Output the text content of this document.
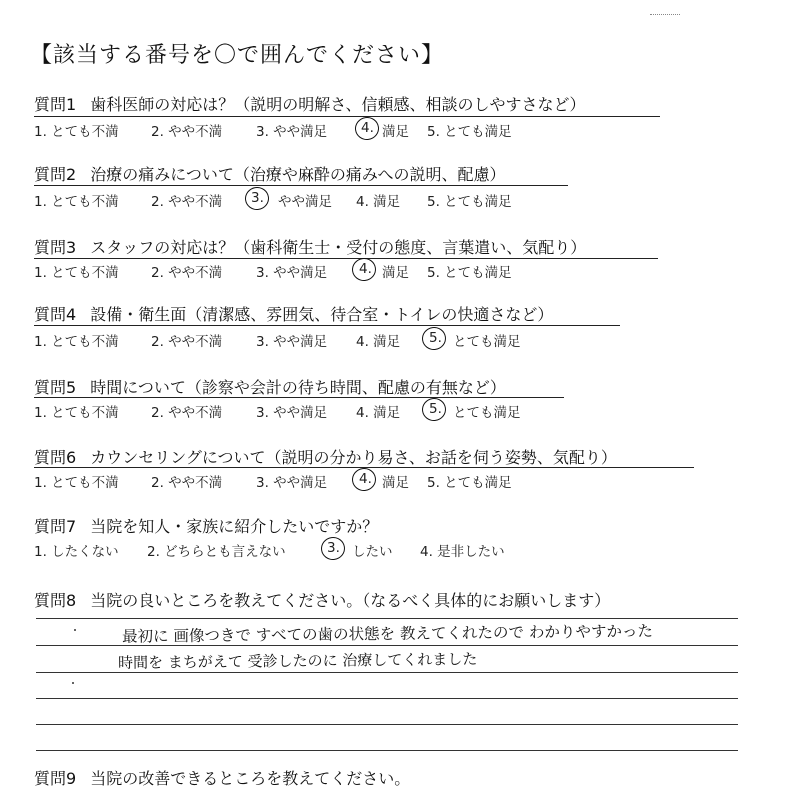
【該当する番号を〇で囲んでください】
質問1 歯科医師の対応は？（説明の明解さ、信頼感、相談のしやすさなど）
1. とても不満 2. やや不満	3. やや満足	4. 満足 5. とても満足
質問2 治療の痛みについて（治療や麻酔の痛みへの説明、配慮）
1. とても不満 2. やや不満 3. やや満足 4. 満足 5. とても満足
質問3 スタッフの対応は？（歯科衛生士・受付の態度、言葉遣い、気配り）
1. とても不満 2. やや不満	3. やや満足 4. 満足 5. とても満足
質問4 設備・衛生面（清潔感、雰囲気、待合室・トイレの快適さなど）
1. とても不満 2. やや不満	3. やや満足 4. 満足 5. とても満足
質問5 時間について（診察や会計の待ち時間、配慮の有無など）
1. とても不満 2. やや不満	3. やや満足 4. 満足 5. とても満足
質問6 カウンセリングについて（説明の分かり易さ、お話を伺う姿勢、気配り）
1. とても不満 2. やや不満	3. やや満足 4. 満足 5. とても満足
質問7 当院を知人・家族に紹介したいですか？
1. したくない 2. どちらとも言えない	3. したい 4. 是非したい
質問8 当院の良いところを教えてください。（なるべく具体的にお願いします）
最初に 画像つきで すべての歯の状態を 教えてくれたので わかりやすかった
時間を まちがえて 受診したのに 治療してくれました
質問9 当院の改善できるところを教えてください。
